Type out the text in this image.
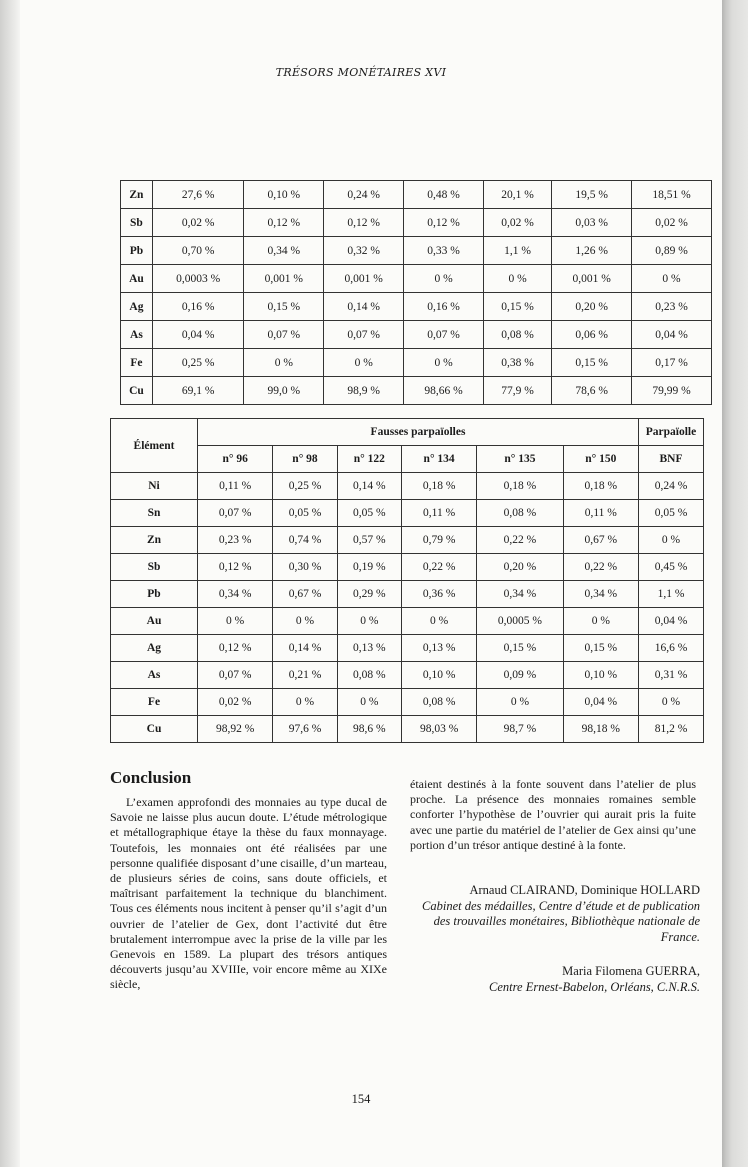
TRÉSORS MONÉTAIRES XVI
Zn	27,6 %	0,10 %	0,24 %	0,48 %	20,1 %	19,5 %	18,51 %
Sb	0,02 %	0,12 %	0,12 %	0,12 %	0,02 %	0,03 %	0,02 %
Pb	0,70 %	0,34 %	0,32 %	0,33 %	1,1 %	1,26 %	0,89 %
Au	0,0003 %	0,001 %	0,001 %	0 %	0 %	0,001 %	0 %
Ag	0,16 %	0,15 %	0,14 %	0,16 %	0,15 %	0,20 %	0,23 %
As	0,04 %	0,07 %	0,07 %	0,07 %	0,08 %	0,06 %	0,04 %
Fe	0,25 %	0 %	0 %	0 %	0,38 %	0,15 %	0,17 %
Cu	69,1 %	99,0 %	98,9 %	98,66 %	77,9 %	78,6 %	79,99 %
Élément	Fausses parpaïolles						Parpaïolle
	n° 96	n° 98	n° 122	n° 134	n° 135	n° 150	BNF
Ni	0,11 %	0,25 %	0,14 %	0,18 %	0,18 %	0,18 %	0,24 %
Sn	0,07 %	0,05 %	0,05 %	0,11 %	0,08 %	0,11 %	0,05 %
Zn	0,23 %	0,74 %	0,57 %	0,79 %	0,22 %	0,67 %	0 %
Sb	0,12 %	0,30 %	0,19 %	0,22 %	0,20 %	0,22 %	0,45 %
Pb	0,34 %	0,67 %	0,29 %	0,36 %	0,34 %	0,34 %	1,1 %
Au	0 %	0 %	0 %	0 %	0,0005 %	0 %	0,04 %
Ag	0,12 %	0,14 %	0,13 %	0,13 %	0,15 %	0,15 %	16,6 %
As	0,07 %	0,21 %	0,08 %	0,10 %	0,09 %	0,10 %	0,31 %
Fe	0,02 %	0 %	0 %	0,08 %	0 %	0,04 %	0 %
Cu	98,92 %	97,6 %	98,6 %	98,03 %	98,7 %	98,18 %	81,2 %
Conclusion

L’examen approfondi des monnaies au type ducal de Savoie ne laisse plus aucun doute. L’étude métrologique et métallographique étaye la thèse du faux monnayage. Toutefois, les monnaies ont été réalisées par une personne qualifiée disposant d’une cisaille, d’un marteau, de plusieurs séries de coins, sans doute officiels, et maîtrisant parfaitement la technique du blanchiment. Tous ces éléments nous incitent à penser qu’il s’agit d’un ouvrier de l’atelier de Gex, dont l’activité dut être brutalement interrompue avec la prise de la ville par les Genevois en 1589. La plupart des trésors antiques découverts jusqu’au XVIIIe, voir encore même au XIXe siècle,

étaient destinés à la fonte souvent dans l’atelier de plus proche. La présence des monnaies romaines semble conforter l’hypothèse de l’ouvrier qui aurait pris la fuite avec une partie du matériel de l’atelier de Gex ainsi qu’une portion d’un trésor antique destiné à la fonte.

Arnaud CLAIRAND, Dominique HOLLARD
Cabinet des médailles, Centre d’étude et de publication des trouvailles monétaires, Bibliothèque nationale de France.
Maria Filomena GUERRA,
Centre Ernest-Babelon, Orléans, C.N.R.S.
154
